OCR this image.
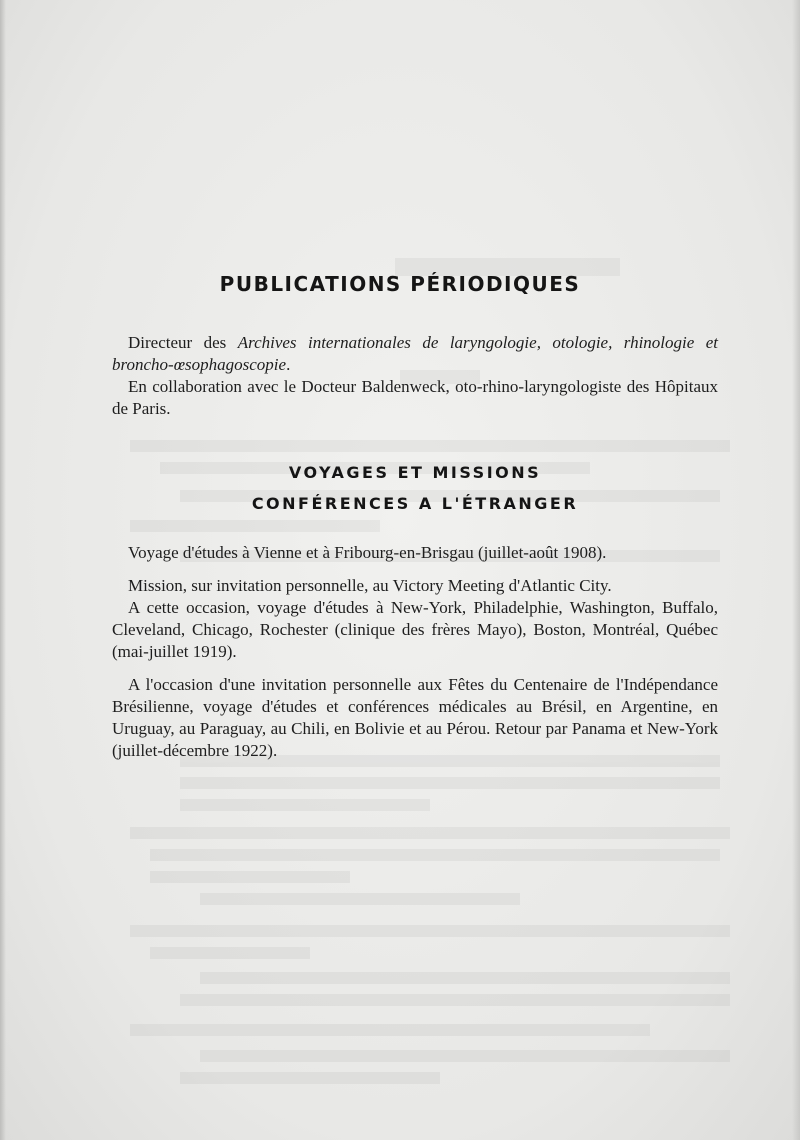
PUBLICATIONS PÉRIODIQUES

Directeur des Archives internationales de laryngologie, otologie, rhinologie et broncho-œsophagoscopie.

En collaboration avec le Docteur Baldenweck, oto-rhino-laryngologiste des Hôpitaux de Paris.

VOYAGES ET MISSIONS
CONFÉRENCES A L'ÉTRANGER

Voyage d'études à Vienne et à Fribourg-en-Brisgau (juillet-août 1908).

Mission, sur invitation personnelle, au Victory Meeting d'Atlantic City.

A cette occasion, voyage d'études à New-York, Philadelphie, Washington, Buffalo, Cleveland, Chicago, Rochester (clinique des frères Mayo), Boston, Montréal, Québec (mai-juillet 1919).

A l'occasion d'une invitation personnelle aux Fêtes du Centenaire de l'Indépendance Brésilienne, voyage d'études et conférences médicales au Brésil, en Argentine, en Uruguay, au Paraguay, au Chili, en Bolivie et au Pérou. Retour par Panama et New-York (juillet-décembre 1922).
